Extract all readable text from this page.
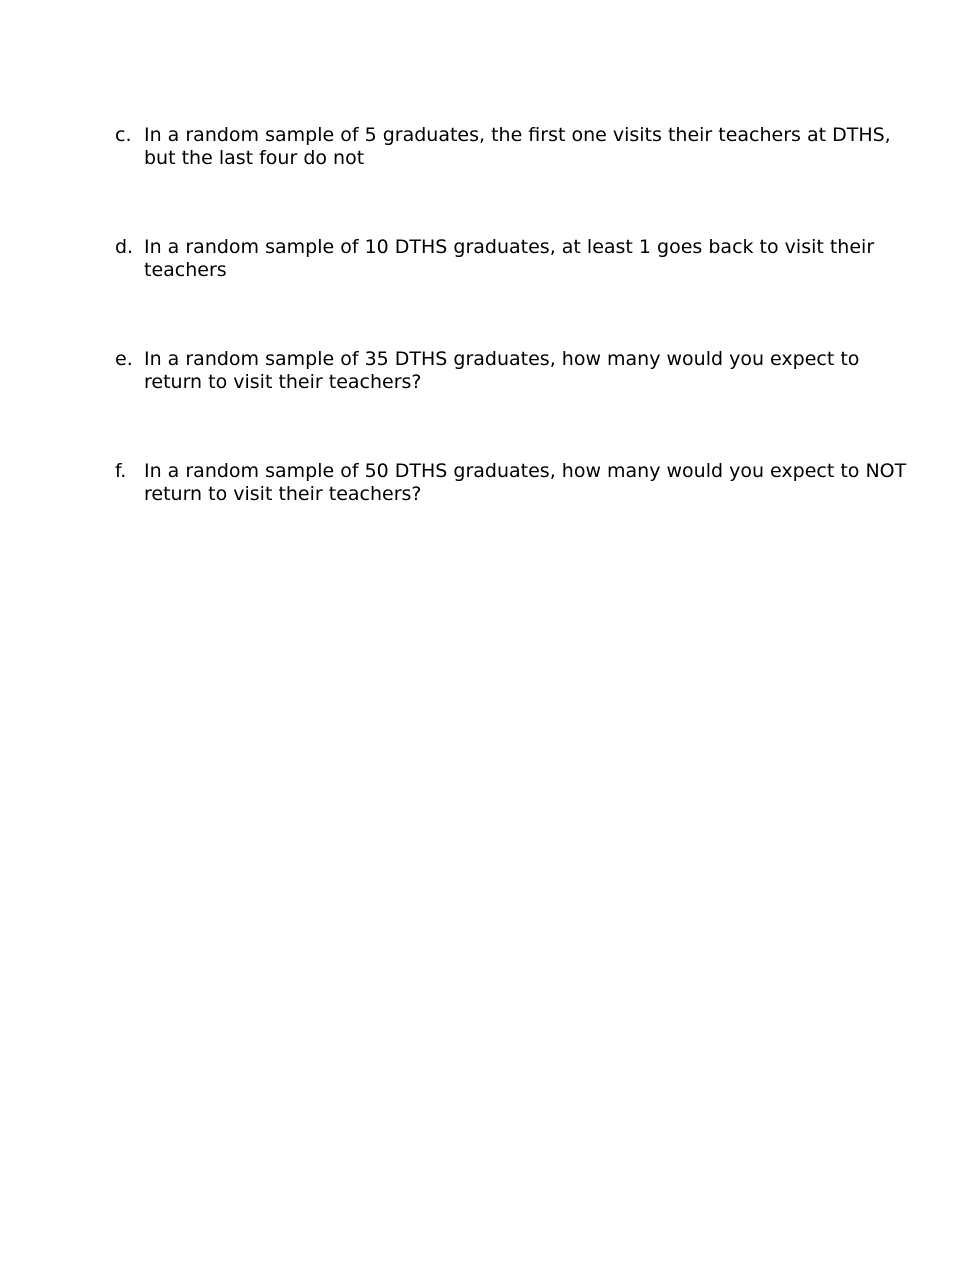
c. In a random sample of 5 graduates, the first one visits their teachers at DTHS,
but the last four do not
d. In a random sample of 10 DTHS graduates, at least 1 goes back to visit their
teachers
e. In a random sample of 35 DTHS graduates, how many would you expect to
return to visit their teachers?
f. In a random sample of 50 DTHS graduates, how many would you expect to NOT
return to visit their teachers?
